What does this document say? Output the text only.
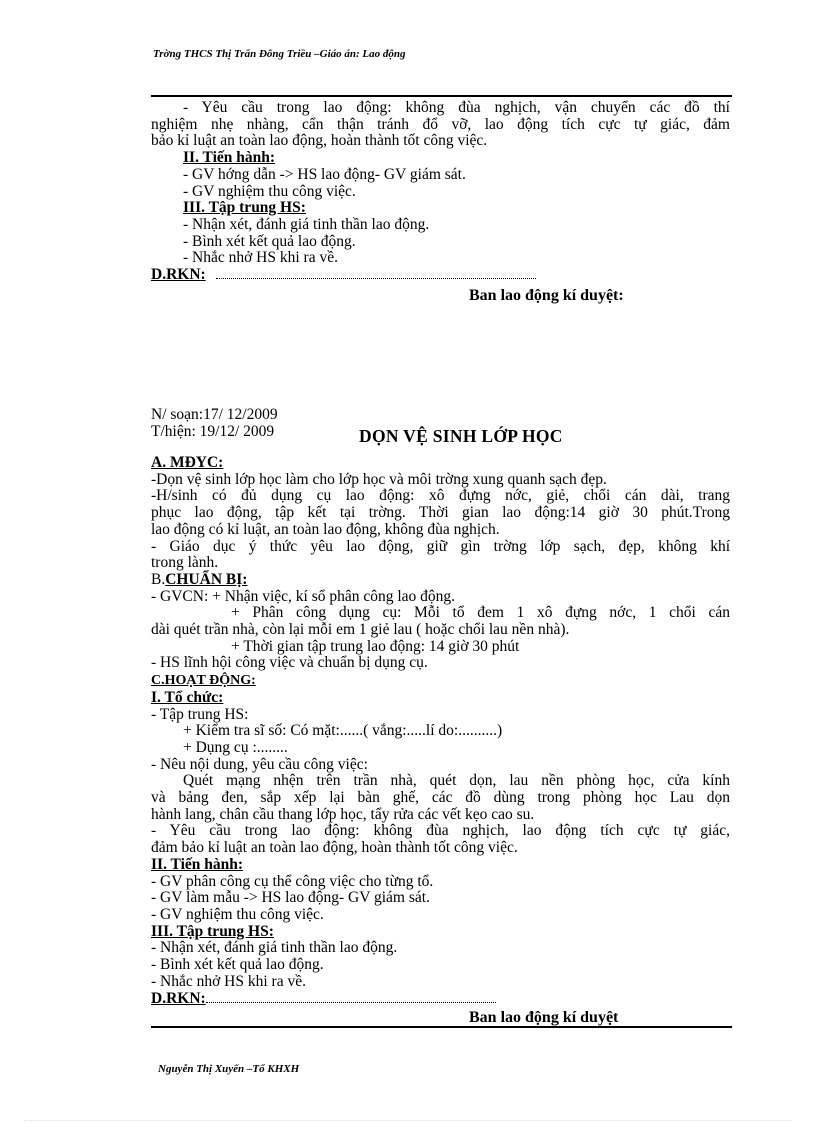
Trờng THCS Thị Trấn Đông Triều –Giáo án: Lao động
- Yêu cầu trong lao động: không đùa nghịch, vận chuyển các đồ thí
nghiệm nhẹ nhàng, cẩn thận tránh đổ vỡ, lao động tích cực tự giác, đảm
bảo kỉ luật an toàn lao động, hoàn thành tốt công việc.
II. Tiến hành:
- GV hớng dẫn -> HS lao động- GV giám sát.
- GV nghiệm thu công việc.
III. Tập trung HS:
- Nhận xét, đánh giá tinh thần lao động.
- Bình xét kết quả lao động.
- Nhắc nhở HS khi ra về.
D.RKN:
Ban lao động kí duyệt:
N/ soạn:17/ 12/2009
T/hiện: 19/12/ 2009	DỌN VỆ SINH LỚP HỌC
A. MĐYC:
-Dọn vệ sinh lớp học làm cho lớp học và môi trờng xung quanh sạch đẹp.
-H/sinh có đủ dụng cụ lao động: xô đựng nớc, giẻ, chổi cán dài, trang
phục lao động, tập kết tại trờng. Thời gian lao động:14 giờ 30 phút.Trong
lao động có kỉ luật, an toàn lao động, không đùa nghịch.
- Giáo dục ý thức yêu lao động, giữ gìn trờng lớp sạch, đẹp, không khí
trong lành.
B.CHUẨN BỊ:
- GVCN: + Nhận việc, kí sổ phân công lao động.
+ Phân công dụng cụ: Mỗi tổ đem 1 xô đựng nớc, 1 chổi cán
dài quét trần nhà, còn lại mỗi em 1 giẻ lau ( hoặc chổi lau nền nhà).
+ Thời gian tập trung lao động: 14 giờ 30 phút
- HS lĩnh hội công việc và chuẩn bị dụng cụ.
C.HOẠT ĐỘNG:
I. Tổ chức:
- Tập trung HS:
+ Kiểm tra sĩ số: Có mặt:......( vắng:.....lí do:..........)
+ Dụng cụ :........
- Nêu nội dung, yêu cầu công việc:
Quét mạng nhện trên trần nhà, quét dọn, lau nền phòng học, cửa kính
và bảng đen, sắp xếp lại bàn ghế, các đồ dùng trong phòng học Lau dọn
hành lang, chân cầu thang lớp học, tẩy rửa các vết kẹo cao su.
- Yêu cầu trong lao động: không đùa nghịch, lao động tích cực tự giác,
đảm bảo kỉ luật an toàn lao động, hoàn thành tốt công việc.
II. Tiến hành:
- GV phân công cụ thể công việc cho từng tổ.
- GV làm mẫu -> HS lao động- GV giám sát.
- GV nghiệm thu công việc.
III. Tập trung HS:
- Nhận xét, đánh giá tinh thần lao động.
- Bình xét kết quả lao động.
- Nhắc nhở HS khi ra về.
D.RKN:
Ban lao động kí duyệt
Nguyễn Thị Xuyến –Tổ KHXH
